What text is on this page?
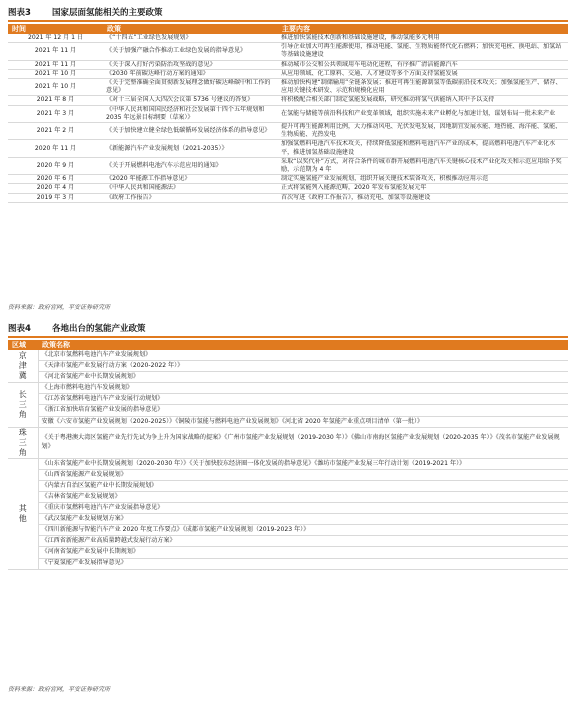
图表3 国家层面氢能相关的主要政策
时间	政策	主要内容
2021 年 12 月 1 日	《“十四五”工业绿色发展规划》	推进加快氢能技术创新和基础设施建设，推动氢能多元利用
2021 年 11 月	《关于加强产融合作推动工业绿色发展的指导意见》	引导企业加大可再生能源使用，推动电能、氢能、生物质能替代化石燃料；加快充电桩、换电站、加氢站等基础设施建设
2021 年 11 月	《关于深入打好污染防治攻坚战的意见》	推动城市公交和公共领域用车电动化进程，有序推广清洁能源汽车
2021 年 10 月	《2030 年前碳达峰行动方案的通知》	从应用领域、化工原料、交通、人才建设等多个方面支持氢能发展
2021 年 10 月	《关于完整准确全面贯彻新发展理念做好碳达峰碳中和工作的意见》	推动加快构建“制储输用”全链条发展；推进可再生能源制氢等低碳前沿技术攻关；加强氢能生产、储存、应用关键技术研发、示范和规模化应用
2021 年 8 月	《对十三届全国人大四次会议第 5736 号建议的答复》	将积极配合相关部门制定氢能发展战略，研究推动将氢气供能纳入其中予以支持
2021 年 3 月	《中华人民共和国国民经济和社会发展第十四个五年规划和 2035 年远景目标纲要（草案）》	在氢能与储能等前沿科技和产业变革领域，组织实施未来产业孵化与加速计划，谋划布局一批未来产业
2021 年 2 月	《关于加快建立健全绿色低碳循环发展经济体系的指导意见》	提升可再生能源利用比例，大力推动风电、光伏发电发展，因地制宜发展水能、地热能、海洋能、氢能、生物质能、光热发电
2020 年 11 月	《新能源汽车产业发展规划（2021-2035）》	加强氢燃料电池汽车技术攻关，持续降低氢能和燃料电池汽车产业的成本，提高燃料电池汽车产业化水平，推进加氢基础设施建设
2020 年 9 月	《关于开展燃料电池汽车示范应用的通知》	采取“以奖代补”方式，对符合条件的城市群开展燃料电池汽车关键核心技术产业化攻关和示范应用给予奖励，示范期为 4 年
2020 年 6 月	《2020 年能源工作指导意见》	制定实施氢能产业发展规划，组织开展关键技术装备攻关，积极推动应用示范
2020 年 4 月	《中华人民共和国能源法》	正式将氢能列入能源范畴，2020 年发布氢能发展元年
2019 年 3 月	《政府工作报告》	首次写进《政府工作报告》，推动充电、加氢等设施建设
资料来源：政府官网，平安证券研究所
图表4 各地出台的氢能产业政策
区域	政策名称
京津冀	《北京市氢燃料电池汽车产业发展规划》
	《天津市氢能产业发展行动方案（2020-2022 年）》
	《河北省氢能产业中长期发展规划》
长三角	《上海市燃料电池汽车发展规划》
	《江苏省氢燃料电池汽车产业发展行动规划》
	《浙江省加快培育氢能产业发展的指导意见》
	安徽《六安市氢能产业发展规划（2020-2025）》《铜陵市氢能与燃料电池产业发展规划》《河北省 2020 年氢能产业重点项目清单（第一批）》
珠三角	《关于粤港澳大湾区氢能产业先行先试为争上升为国家战略的提案》《广州市氢能产业发展规划（2019-2030 年）》《佛山市南海区氢能产业发展规划（2020-2035 年）》《茂名市氢能产业发展规划》
其他	《山东省氢能产业中长期发展规划（2020-2030 年）》《关于加快胶东经济圈一体化发展的指导意见》《潍坊市氢能产业发展三年行动计划（2019-2021 年）》
	《山西省氢能源产业发展规划》
	《内蒙古自治区氢能产业中长期发展规划》
	《吉林省氢能产业发展规划》
	《重庆市氢燃料电池汽车产业发展指导意见》
	《武汉氢能产业发展规划方案》
	《四川新能源与智能汽车产业 2020 年度工作要点》《成都市氢能产业发展规划（2019-2023 年）》
	《江西省新能源产业高质量跨越式发展行动方案》
	《河南省氢能产业发展中长期规划》
	《宁夏氢能产业发展指导意见》
资料来源：政府官网，平安证券研究所
